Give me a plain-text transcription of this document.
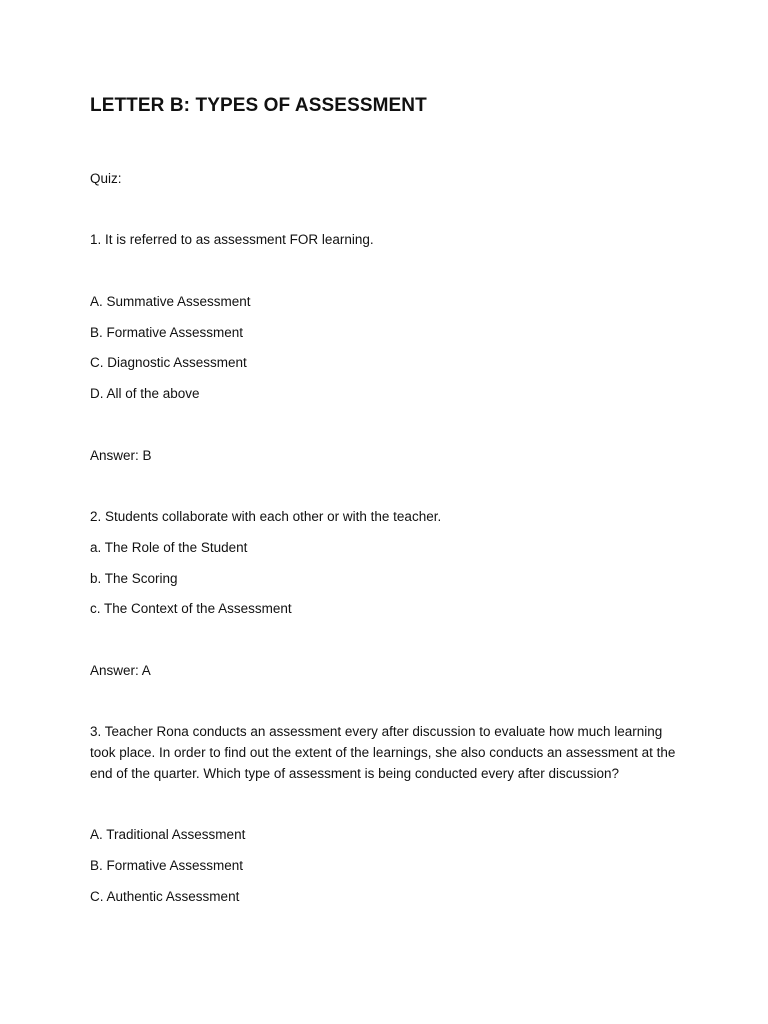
LETTER B: TYPES OF ASSESSMENT
Quiz:
1. It is referred to as assessment FOR learning.
A. Summative Assessment
B. Formative Assessment
C. Diagnostic Assessment
D. All of the above
Answer: B
2. Students collaborate with each other or with the teacher.
a. The Role of the Student
b. The Scoring
c. The Context of the Assessment
Answer: A
3. Teacher Rona conducts an assessment every after discussion to evaluate how much learning took place. In order to find out the extent of the learnings, she also conducts an assessment at the end of the quarter. Which type of assessment is being conducted every after discussion?
A. Traditional Assessment
B. Formative Assessment
C. Authentic Assessment
